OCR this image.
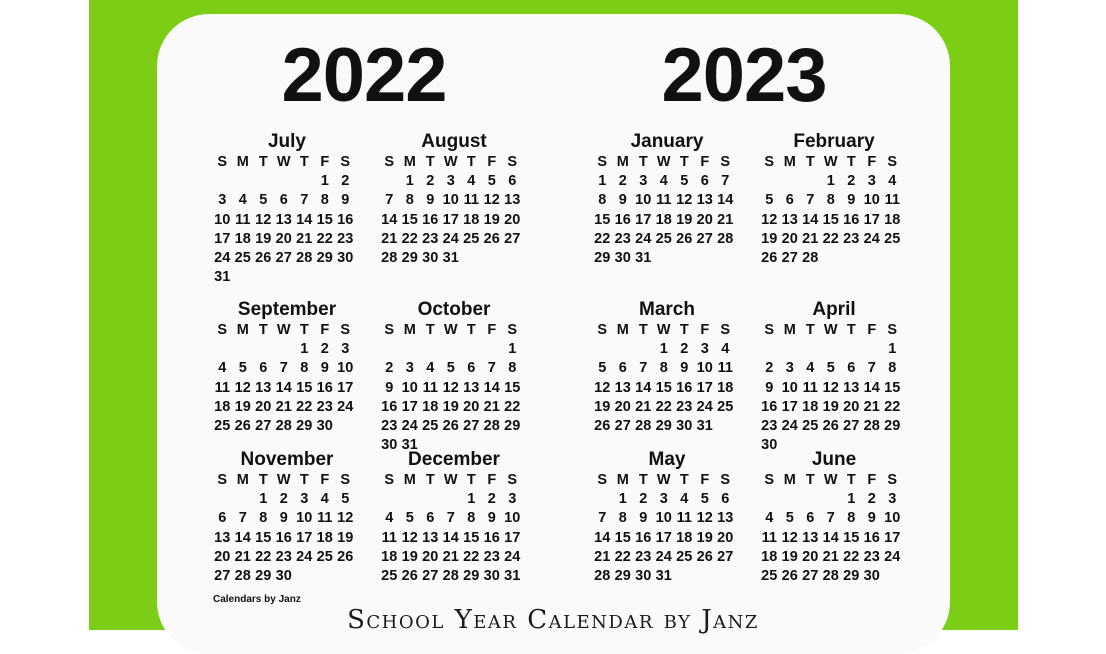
2022	2023
July
S M T W T F S
1 2
3 4 5 6 7 8 9
10 11 12 13 14 15 16
17 18 19 20 21 22 23
24 25 26 27 28 29 30
31
August
S M T W T F S
1 2 3 4 5 6
7 8 9 10 11 12 13
14 15 16 17 18 19 20
21 22 23 24 25 26 27
28 29 30 31
January
S M T W T F S
1 2 3 4 5 6 7
8 9 10 11 12 13 14
15 16 17 18 19 20 21
22 23 24 25 26 27 28
29 30 31
February
S M T W T F S
1 2 3 4
5 6 7 8 9 10 11
12 13 14 15 16 17 18
19 20 21 22 23 24 25
26 27 28
September
S M T W T F S
1 2 3
4 5 6 7 8 9 10
11 12 13 14 15 16 17
18 19 20 21 22 23 24
25 26 27 28 29 30
October
S M T W T F S
1
2 3 4 5 6 7 8
9 10 11 12 13 14 15
16 17 18 19 20 21 22
23 24 25 26 27 28 29
30 31
March
S M T W T F S
1 2 3 4
5 6 7 8 9 10 11
12 13 14 15 16 17 18
19 20 21 22 23 24 25
26 27 28 29 30 31
April
S M T W T F S
1
2 3 4 5 6 7 8
9 10 11 12 13 14 15
16 17 18 19 20 21 22
23 24 25 26 27 28 29
30
November
S M T W T F S
1 2 3 4 5
6 7 8 9 10 11 12
13 14 15 16 17 18 19
20 21 22 23 24 25 26
27 28 29 30
December
S M T W T F S
1 2 3
4 5 6 7 8 9 10
11 12 13 14 15 16 17
18 19 20 21 22 23 24
25 26 27 28 29 30 31
May
S M T W T F S
1 2 3 4 5 6
7 8 9 10 11 12 13
14 15 16 17 18 19 20
21 22 23 24 25 26 27
28 29 30 31
June
S M T W T F S
1 2 3
4 5 6 7 8 9 10
11 12 13 14 15 16 17
18 19 20 21 22 23 24
25 26 27 28 29 30
Calendars by Janz
School Year Calendar by Janz
